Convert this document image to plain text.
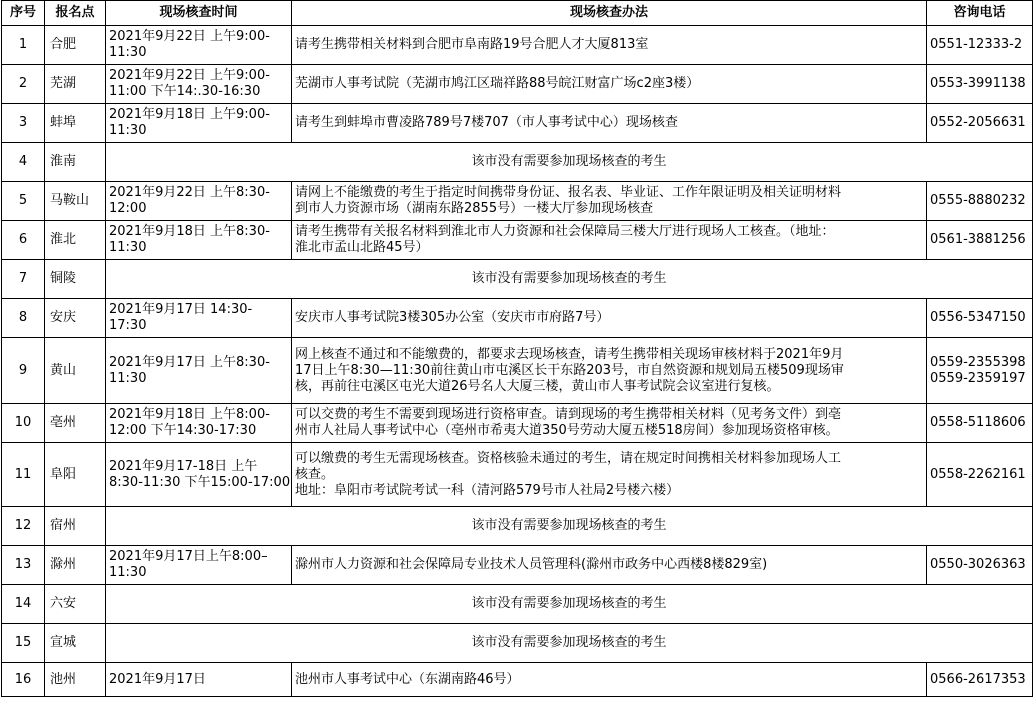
序号	报名点	现场核查时间	现场核查办法	咨询电话
1	合肥	2021年9月22日 上午9:00-
11:30	请考生携带相关材料到合肥市阜南路19号合肥人才大厦813室	0551-12333-2

2	芜湖	2021年9月22日 上午9:00-
11:00 下午14:.30-16:30	芜湖市人事考试院（芜湖市鸠江区瑞祥路88号皖江财富广场c2座3楼）	0553-3991138

3	蚌埠	2021年9月18日 上午9:00-
11:30	请考生到蚌埠市曹凌路789号7楼707（市人事考试中心）现场核查	0552-2056631

4	淮南	该市没有需要参加现场核查的考生		
5	马鞍山	2021年9月22日 上午8:30-
12:00	请网上不能缴费的考生于指定时间携带身份证、报名表、毕业证、工作年限证明及相关证明材料
到市人力资源市场（湖南东路2855号）一楼大厅参加现场核查	0555-8880232

6	淮北	2021年9月18日 上午8:30-
11:30	请考生携带有关报名材料到淮北市人力资源和社会保障局三楼大厅进行现场人工核查。（地址：
淮北市孟山北路45号）	0561-3881256

7	铜陵	该市没有需要参加现场核查的考生		
8	安庆	2021年9月17日 14:30-
17:30	安庆市人事考试院3楼305办公室（安庆市市府路7号）	0556-5347150

9	黄山	2021年9月17日 上午8:30-
11:30	网上核查不通过和不能缴费的，都要求去现场核查，请考生携带相关现场审核材料于2021年9月
17日上午8:30—11:30前往黄山市屯溪区长干东路203号，市自然资源和规划局五楼509现场审
核，再前往屯溪区屯光大道26号名人大厦三楼，黄山市人事考试院会议室进行复核。	0559-2355398
0559-2359197

10	亳州	2021年9月18日 上午8:00-
12:00 下午14:30-17:30	可以交费的考生不需要到现场进行资格审查。请到现场的考生携带相关材料（见考务文件）到亳
州市人社局人事考试中心（亳州市希夷大道350号劳动大厦五楼518房间）参加现场资格审核。	0558-5118606

11	阜阳	2021年9月17-18日 上午
8:30-11:30 下午15:00-17:00	可以缴费的考生无需现场核查。资格核验未通过的考生，请在规定时间携相关材料参加现场人工
核查。
地址：阜阳市考试院考试一科（清河路579号市人社局2号楼六楼）	0558-2262161

12	宿州	该市没有需要参加现场核查的考生		
13	滁州	2021年9月17日上午8:00–
11:30	滁州市人力资源和社会保障局专业技术人员管理科(滁州市政务中心西楼8楼829室)	0550-3026363

14	六安	该市没有需要参加现场核查的考生		
15	宣城	该市没有需要参加现场核查的考生		
16	池州	2021年9月17日	池州市人事考试中心（东湖南路46号）	0566-2617353
